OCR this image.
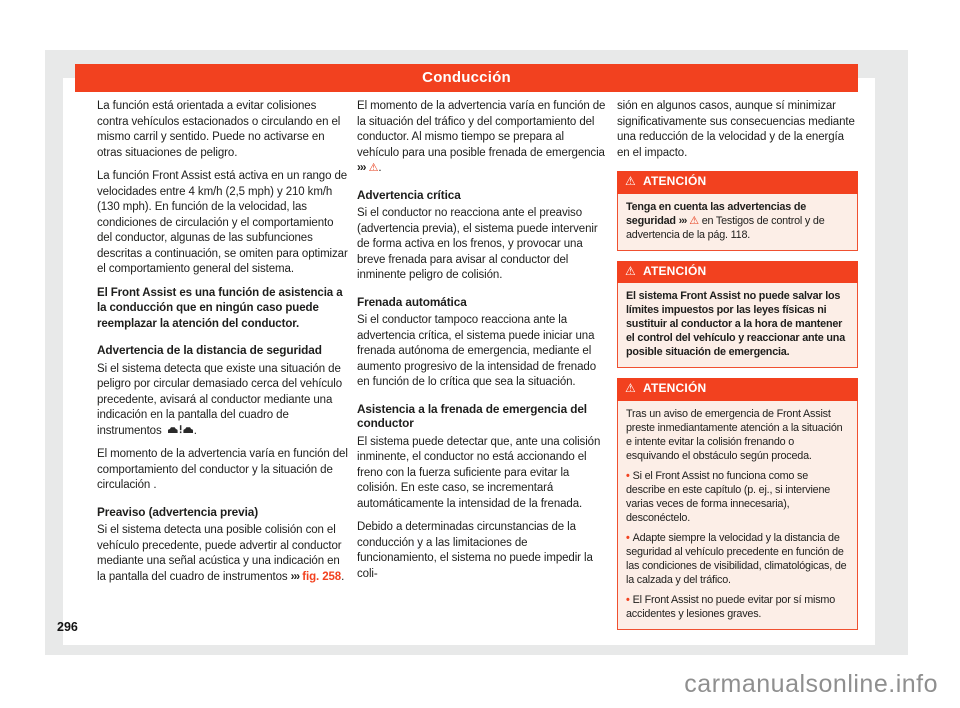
Conducción

La función está orientada a evitar colisiones contra vehículos estacionados o circulando en el mismo carril y sentido. Puede no activarse en otras situaciones de peligro.

La función Front Assist está activa en un rango de velocidades entre 4 km/h (2,5 mph) y 210 km/h (130 mph). En función de la velocidad, las condiciones de circulación y el comportamiento del conductor, algunas de las subfunciones descritas a continuación, se omiten para optimizar el comportamiento general del sistema.

El Front Assist es una función de asistencia a la conducción que en ningún caso puede reemplazar la atención del conductor.

Advertencia de la distancia de seguridad

Si el sistema detecta que existe una situación de peligro por circular demasiado cerca del vehículo precedente, avisará al conductor mediante una indicación en la pantalla del cuadro de instrumentos	.

El momento de la advertencia varía en función del comportamiento del conductor y la situación de circulación .

Preaviso (advertencia previa)

Si el sistema detecta una posible colisión con el vehículo precedente, puede advertir al conductor mediante una señal acústica y una indicación en la pantalla del cuadro de instrumentos ››› fig. 258.

El momento de la advertencia varía en función de la situación del tráfico y del comportamiento del conductor. Al mismo tiempo se prepara al vehículo para una posible frenada de emergencia ››› ⚠.

Advertencia crítica

Si el conductor no reacciona ante el preaviso (advertencia previa), el sistema puede intervenir de forma activa en los frenos, y provocar una breve frenada para avisar al conductor del inminente peligro de colisión.

Frenada automática

Si el conductor tampoco reacciona ante la advertencia crítica, el sistema puede iniciar una frenada autónoma de emergencia, mediante el aumento progresivo de la intensidad de frenado en función de lo crítica que sea la situación.

Asistencia a la frenada de emergencia del conductor

El sistema puede detectar que, ante una colisión inminente, el conductor no está accionando el freno con la fuerza suficiente para evitar la colisión. En este caso, se incrementará automáticamente la intensidad de la frenada.

Debido a determinadas circunstancias de la conducción y a las limitaciones de funcionamiento, el sistema no puede impedir la coli-

sión en algunos casos, aunque sí minimizar significativamente sus consecuencias mediante una reducción de la velocidad y de la energía en el impacto.

⚠ ATENCIÓN

Tenga en cuenta las advertencias de seguridad ››› ⚠ en Testigos de control y de advertencia de la pág. 118.

⚠ ATENCIÓN

El sistema Front Assist no puede salvar los límites impuestos por las leyes físicas ni sustituir al conductor a la hora de mantener el control del vehículo y reaccionar ante una posible situación de emergencia.

⚠ ATENCIÓN

Tras un aviso de emergencia de Front Assist preste inmediantamente atención a la situación e intente evitar la colisión frenando o esquivando el obstáculo según proceda.

• Si el Front Assist no funciona como se describe en este capítulo (p. ej., si interviene varias veces de forma innecesaria), desconéctelo.

• Adapte siempre la velocidad y la distancia de seguridad al vehículo precedente en función de las condiciones de visibilidad, climatológicas, de la calzada y del tráfico.

• El Front Assist no puede evitar por sí mismo accidentes y lesiones graves.

296
carmanualsonline.info
